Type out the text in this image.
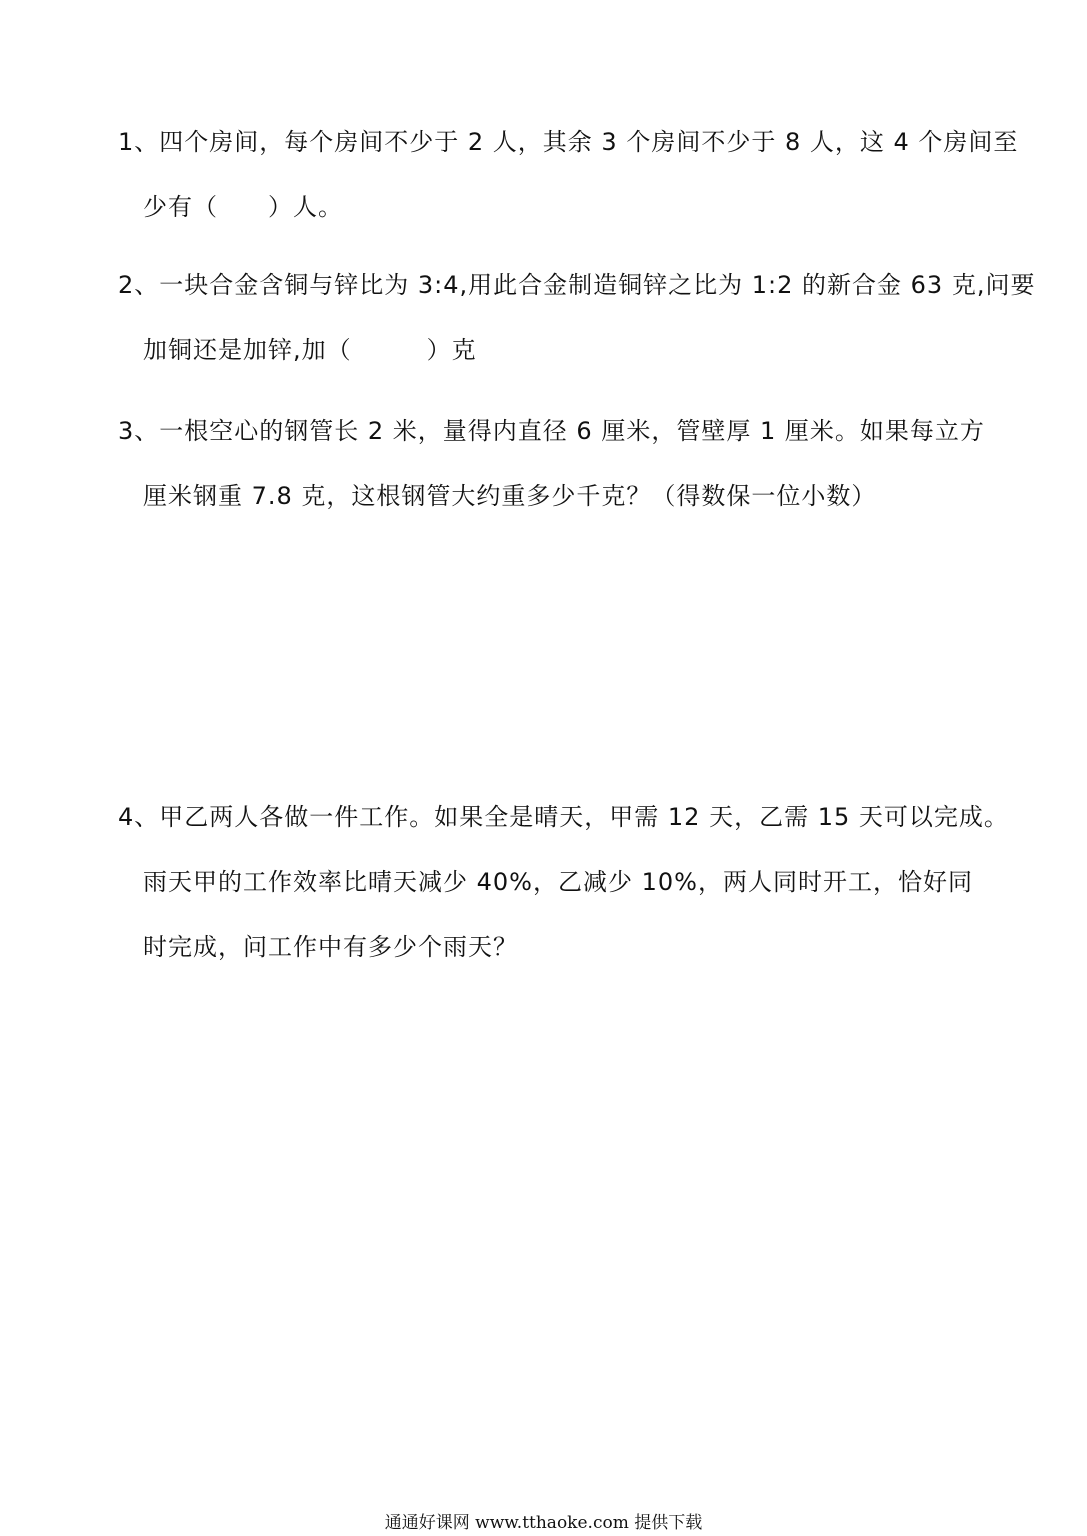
1、四个房间，每个房间不少于 2 人，其余 3 个房间不少于 8 人，这 4 个房间至
少有（　　）人。
2、一块合金含铜与锌比为 3:4,用此合金制造铜锌之比为 1:2 的新合金 63 克,问要
加铜还是加锌,加（　　　）克
3、一根空心的钢管长 2 米，量得内直径 6 厘米，管壁厚 1 厘米。如果每立方
厘米钢重 7.8 克，这根钢管大约重多少千克？（得数保一位小数）
4、甲乙两人各做一件工作。如果全是晴天，甲需 12 天，乙需 15 天可以完成。
雨天甲的工作效率比晴天减少 40%，乙减少 10%，两人同时开工，恰好同
时完成，问工作中有多少个雨天？
通通好课网 www.tthaoke.com 提供下载
